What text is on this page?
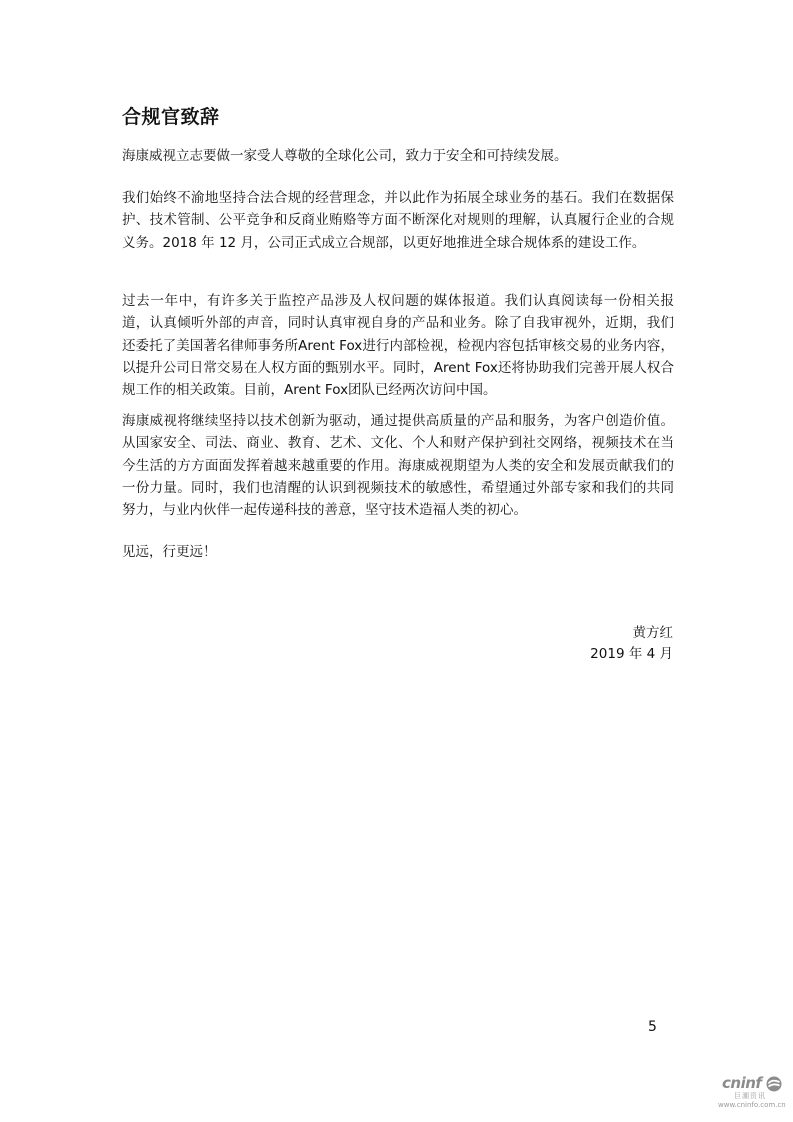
合规官致辞

海康威视立志要做一家受人尊敬的全球化公司，致力于安全和可持续发展。

我们始终不渝地坚持合法合规的经营理念，并以此作为拓展全球业务的基石。我们在数据保护、技术管制、公平竞争和反商业贿赂等方面不断深化对规则的理解，认真履行企业的合规义务。2018 年 12 月，公司正式成立合规部，以更好地推进全球合规体系的建设工作。

过去一年中，有许多关于监控产品涉及人权问题的媒体报道。我们认真阅读每一份相关报道，认真倾听外部的声音，同时认真审视自身的产品和业务。除了自我审视外，近期，我们还委托了美国著名律师事务所Arent Fox进行内部检视，检视内容包括审核交易的业务内容，以提升公司日常交易在人权方面的甄别水平。同时，Arent Fox还将协助我们完善开展人权合规工作的相关政策。目前，Arent Fox团队已经两次访问中国。

海康威视将继续坚持以技术创新为驱动，通过提供高质量的产品和服务，为客户创造价值。从国家安全、司法、商业、教育、艺术、文化、个人和财产保护到社交网络，视频技术在当今生活的方方面面发挥着越来越重要的作用。海康威视期望为人类的安全和发展贡献我们的一份力量。同时，我们也清醒的认识到视频技术的敏感性，希望通过外部专家和我们的共同努力，与业内伙伴一起传递科技的善意，坚守技术造福人类的初心。

见远，行更远！

黄方红
2019 年 4 月
5
cninf
巨潮资讯
www.cninfo.com.cn
